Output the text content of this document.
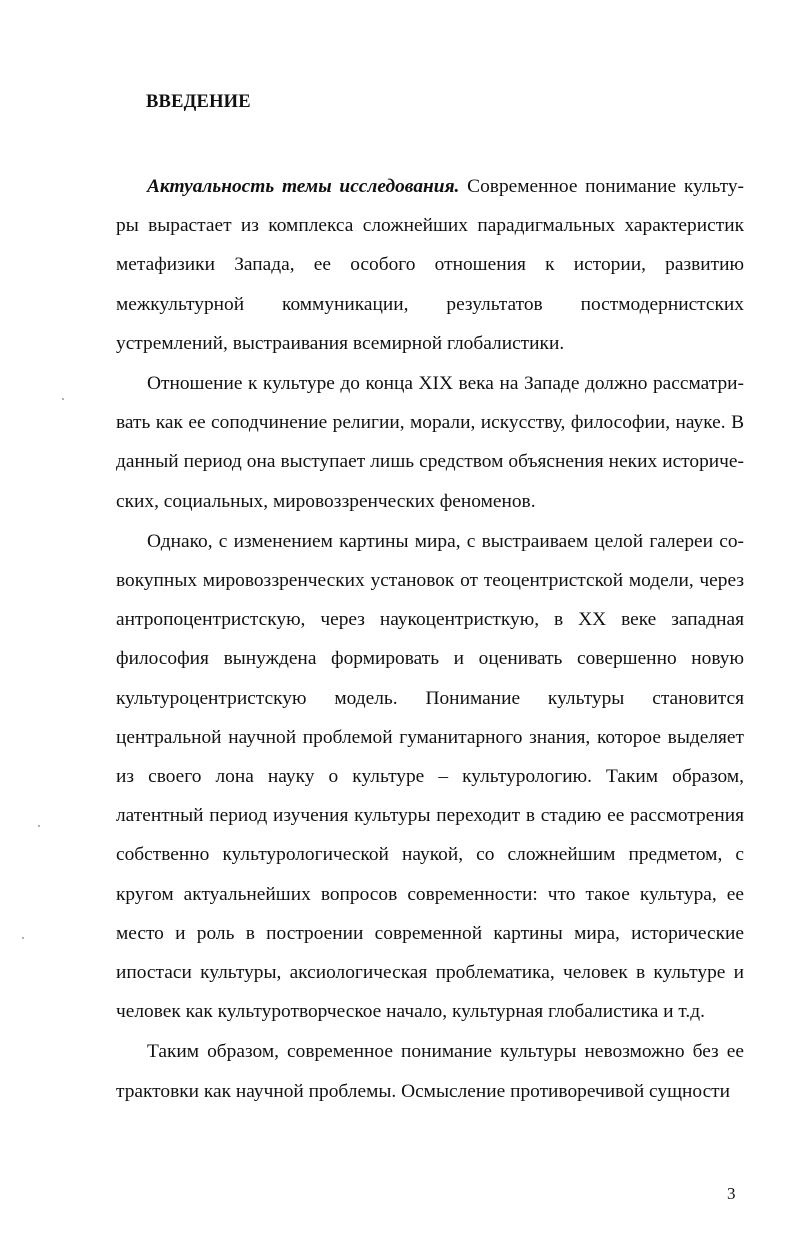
ВВЕДЕНИЕ

Актуальность темы исследования. Современное понимание культуры вырастает из комплекса сложнейших парадигмальных характеристик метафизики Запада, ее особого отношения к истории, развитию межкультурной коммуникации, результатов постмодернистских устремлений, выстраивания всемирной глобалистики.

Отношение к культуре до конца XIX века на Западе должно рассматривать как ее соподчинение религии, морали, искусству, философии, науке. В данный период она выступает лишь средством объяснения неких исторических, социальных, мировоззренческих феноменов.

Однако, с изменением картины мира, с выстраиваем целой галереи совокупных мировоззренческих установок от теоцентристской модели, через антропоцентристскую, через наукоцентристкую, в XX веке западная философия вынуждена формировать и оценивать совершенно новую культуроцентристскую модель. Понимание культуры становится центральной научной проблемой гуманитарного знания, которое выделяет из своего лона науку о культуре – культурологию. Таким образом, латентный период изучения культуры переходит в стадию ее рассмотрения собственно культурологической наукой, со сложнейшим предметом, с кругом актуальнейших вопросов современности: что такое культура, ее место и роль в построении современной картины мира, исторические ипостаси культуры, аксиологическая проблематика, человек в культуре и человек как культуротворческое начало, культурная глобалистика и т.д.

Таким образом, современное понимание культуры невозможно без ее трактовки как научной проблемы. Осмысление противоречивой сущности

3
